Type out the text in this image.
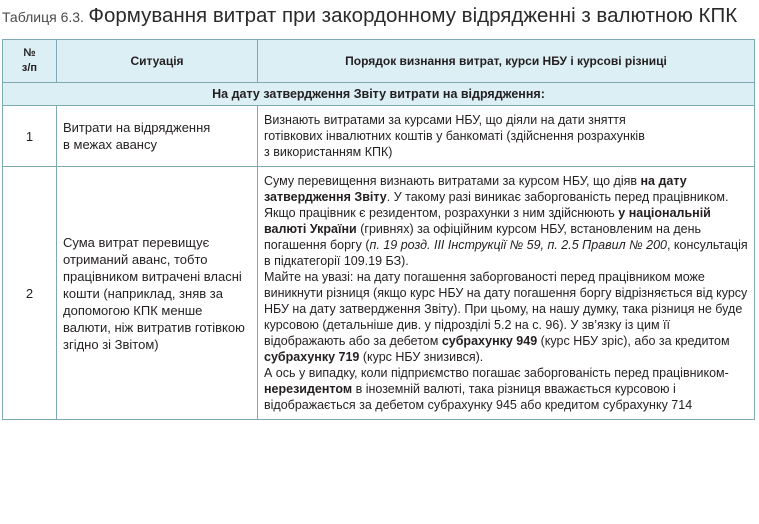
Таблиця 6.3. Формування витрат при закордонному відрядженні з валютною КПК
№
з/п	Ситуація	Порядок визнання витрат, курси НБУ і курсові різниці
На дату затвердження Звіту витрати на відрядження:		
1	Витрати на відрядження
в межах авансу	Визнають витратами за курсами НБУ, що діяли на дати зняття
готівкових інвалютних коштів у банкоматі (здійснення розрахунків
з використанням КПК)

2	Сума витрат перевищує отриманий аванс, тобто працівником витрачені власні кошти (наприклад, зняв за допомогою КПК менше валюти, ніж витратив готівкою згідно зі Звітом)	Суму перевищення визнають витратами за курсом НБУ, що діяв на дату затвердження Звіту. У такому разі виникає заборгованість перед працівником.

Якщо працівник є резидентом, розрахунки з ним здійснюють у національній валюті України (гривнях) за офіційним курсом НБУ, встановленим на день погашення боргу (п. 19 розд. ІІІ Інструкції № 59, п. 2.5 Правил № 200, консультація в підкатегорії 109.19 БЗ).

Майте на увазі: на дату погашення заборгованості перед працівником може виникнути різниця (якщо курс НБУ на дату погашення боргу відрізняється від курсу НБУ на дату затвердження Звіту). При цьому, на нашу думку, така різниця не буде курсовою (детальніше див. у підрозділі 5.2 на с. 96). У зв’язку із цим її відображають або за дебетом субрахунку 949 (курс НБУ зріс), або за кредитом субрахунку 719 (курс НБУ знизився).

А ось у випадку, коли підприємство погашає заборгованість перед працівником-нерезидентом в іноземній валюті, така різниця вважається курсовою і відображається за дебетом субрахунку 945 або кредитом субрахунку 714
